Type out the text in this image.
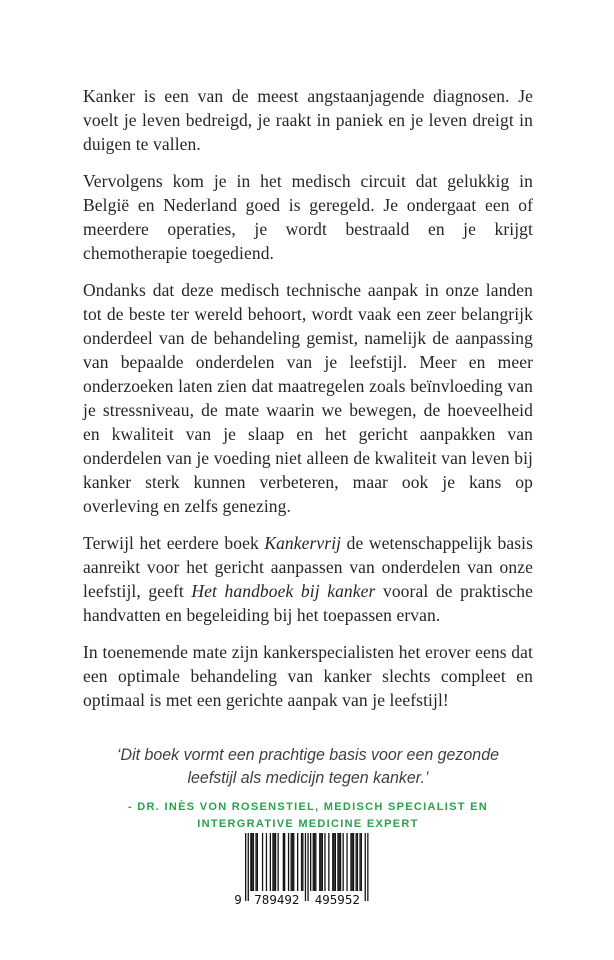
Kanker is een van de meest angstaanjagende diagnosen. Je voelt je leven bedreigd, je raakt in paniek en je leven dreigt in duigen te vallen.

Vervolgens kom je in het medisch circuit dat gelukkig in België en Nederland goed is geregeld. Je ondergaat een of meerdere operaties, je wordt bestraald en je krijgt chemotherapie toegediend.

Ondanks dat deze medisch technische aanpak in onze landen tot de beste ter wereld behoort, wordt vaak een zeer belangrijk onderdeel van de behandeling gemist, namelijk de aanpassing van bepaalde onderdelen van je leefstijl. Meer en meer onderzoeken laten zien dat maatregelen zoals beïnvloeding van je stressniveau, de mate waarin we bewegen, de hoeveelheid en kwaliteit van je slaap en het gericht aanpakken van onderdelen van je voeding niet alleen de kwaliteit van leven bij kanker sterk kunnen verbeteren, maar ook je kans op overleving en zelfs genezing.

Terwijl het eerdere boek Kankervrij de wetenschappelijk basis aanreikt voor het gericht aanpassen van onderdelen van onze leefstijl, geeft Het handboek bij kanker vooral de praktische handvatten en begeleiding bij het toepassen ervan.

In toenemende mate zijn kankerspecialisten het erover eens dat een optimale behandeling van kanker slechts compleet en optimaal is met een gerichte aanpak van je leefstijl!

‘Dit boek vormt een prachtige basis voor een gezonde leefstijl als medicijn tegen kanker.’
- DR. INÈS VON ROSENSTIEL, MEDISCH SPECIALIST EN
INTERGRATIVE MEDICINE EXPERT
9 789492 495952
